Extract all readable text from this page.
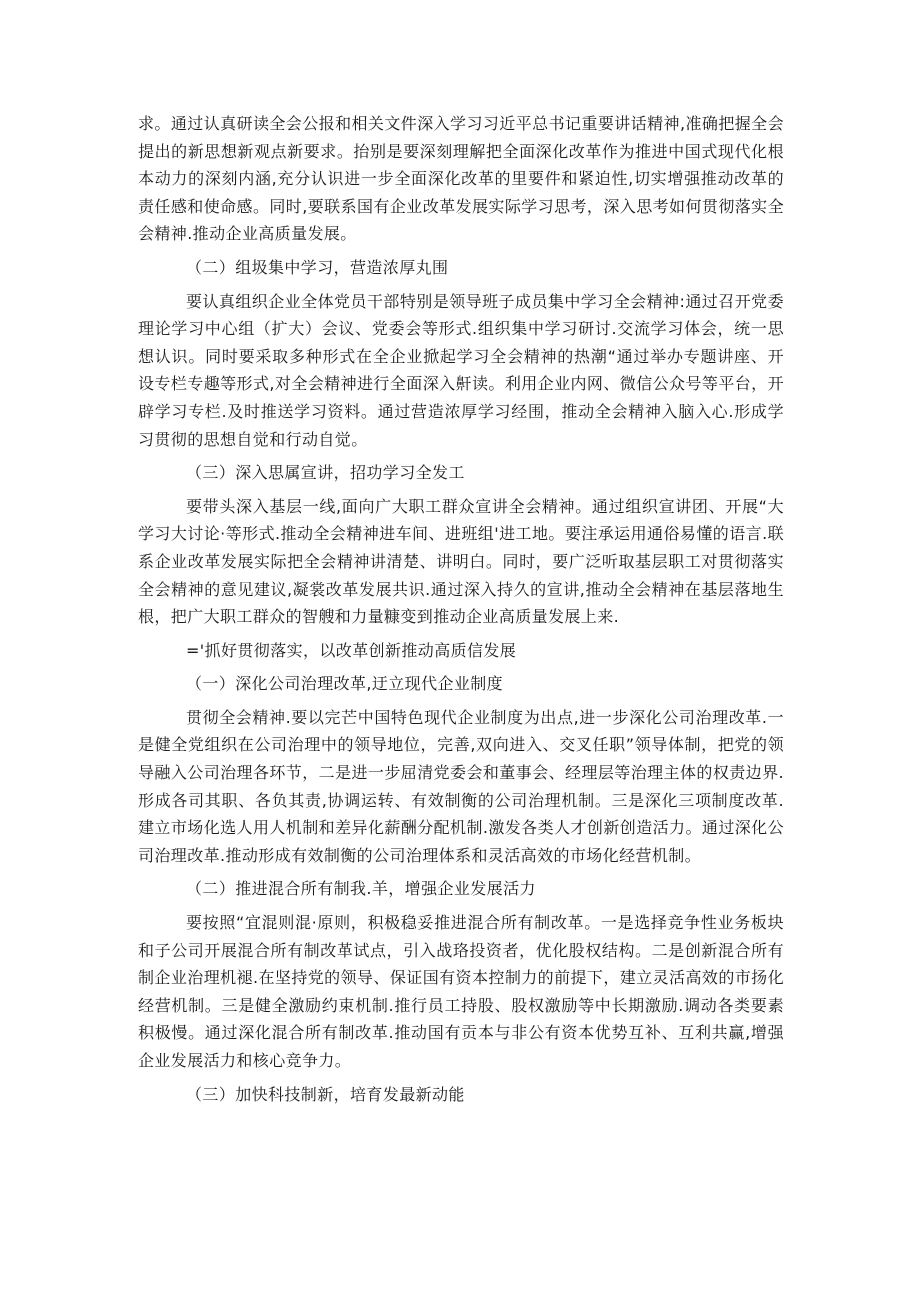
求。通过认真研读全会公报和相关文件深入学习习近平总书记重要讲话精神,准确把握全会提出的新思想新观点新要求。抬别是要深刻理解把全面深化改革作为推进中国式现代化根本动力的深刻内涵,充分认识进一步全面深化改革的里要件和紧迫性,切实增强推动改革的责任感和使命感。同时,要联系国有企业改革发展实际学习思考，深入思考如何贯彻落实全会精神.推动企业高质量发展。

（二）组圾集中学习，营造浓厚丸围

要认真组织企业全体党员干部特别是领导班子成员集中学习全会精神:通过召开党委理论学习中心组（扩大）会议、党委会等形式.组织集中学习研讨.交流学习体会，统一思想认识。同时要采取多种形式在全企业掀起学习全会精神的热潮“通过举办专题讲座、开设专栏专趣等形式,对全会精神进行全面深入鼾读。利用企业内网、微信公众号等平台，开辟学习专栏.及时推送学习资料。通过营造浓厚学习经围，推动全会精神入脑入心.形成学习贯彻的思想自觉和行动自觉。

（三）深入思属宣讲，招功学习全发工

要带头深入基层一线,面向广大职工群众宣讲全会精神。通过组织宣讲团、开展“大学习大讨论·等形式.推动全会精神进车间、进班组'进工地。要注承运用通俗易懂的语言.联系企业改革发展实际把全会精神讲清楚、讲明白。同时，要广泛听取基层职工对贯彻落实全会精神的意见建议,凝裳改革发展共识.通过深入持久的宣讲,推动全会精神在基层落地生根，把广大职工群众的智艘和力量糠变到推动企业高质量发展上来.

='抓好贯彻落实，以改革创新推动高质信发展

（一）深化公司治理改革,迂立现代企业制度

贯彻全会精神.要以完芒中国特色现代企业制度为出点,进一步深化公司治理改革.一是健全党组织在公司治理中的领导地位，完善,双向进入、交叉任职”领导体制，把党的领导融入公司治理各环节，二是进一步屈清党委会和董事会、经理层等治理主体的权责边界.形成各司其职、各负其责,协调运转、有效制衡的公司治理机制。三是深化三项制度改革.建立市场化选人用人机制和差异化薪酬分配机制.激发各类人才创新创造活力。通过深化公司治理改革.推动形成有效制衡的公司治理体系和灵活高效的市场化经营机制。

（二）推进混合所有制我.羊，增强企业发展活力

要按照“宜混则混·原则，积极稳妥推进混合所有制改革。一是选择竞争性业务板块和子公司开展混合所有制改革试点，引入战珞投资者，优化股权结构。二是创新混合所有制企业治理机褪.在坚持党的领导、保证国有资本控制力的前提下，建立灵活高效的市扬化经营机制。三是健全激励约束机制.推行员工持股、股权激励等中长期激励.调动各类要素积极慢。通过深化混合所有制改革.推动国有贡本与非公有资本优势互补、互利共赢,增强企业发展活力和核心竞争力。

（三）加快科技制新，培育发最新动能
